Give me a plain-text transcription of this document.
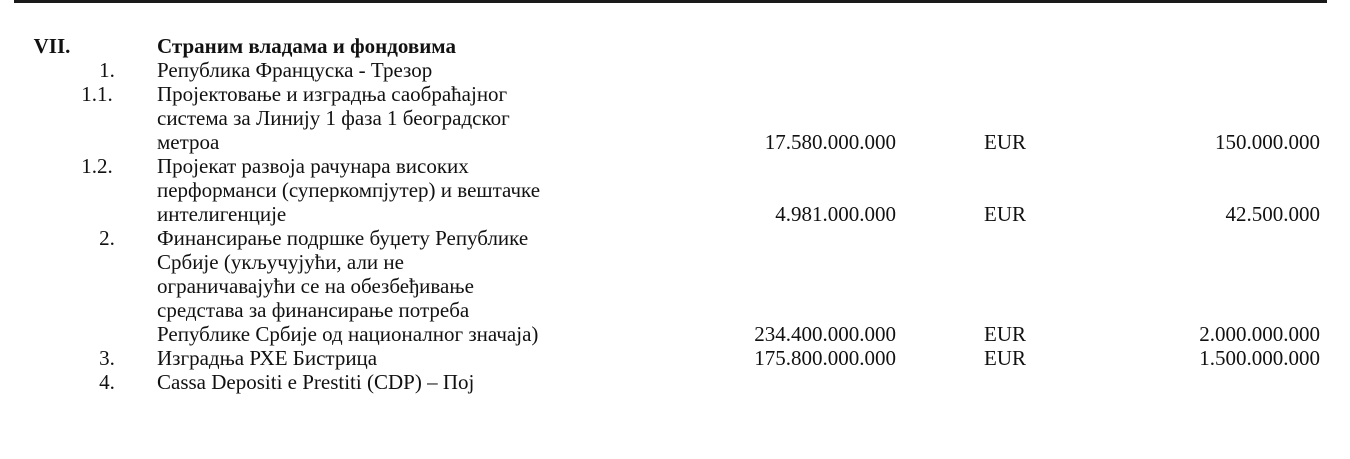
VII.	Страним владама и фондовима
1.	Република Француска - Трезор
1.1.	Пројектовање и изградња саобраћајног
система за Линију 1 фаза 1 београдског
метроа	17.580.000.000	EUR	150.000.000
1.2.	Пројекат развоја рачунара високих
перформанси (суперкомпјутер) и вештачке
интелигенције	4.981.000.000	EUR	42.500.000
2.	Финансирање подршке буџету Републике
Србије (укључујући, али не
ограничавајући се на обезбеђивање
средстава за финансирање потреба
Републике Србије од националног значаја)	234.400.000.000	EUR	2.000.000.000
3.	Изградња РХЕ Бистрица	175.800.000.000	EUR	1.500.000.000
4.	Cassa Depositi e Prestiti (CDP) – Пој
